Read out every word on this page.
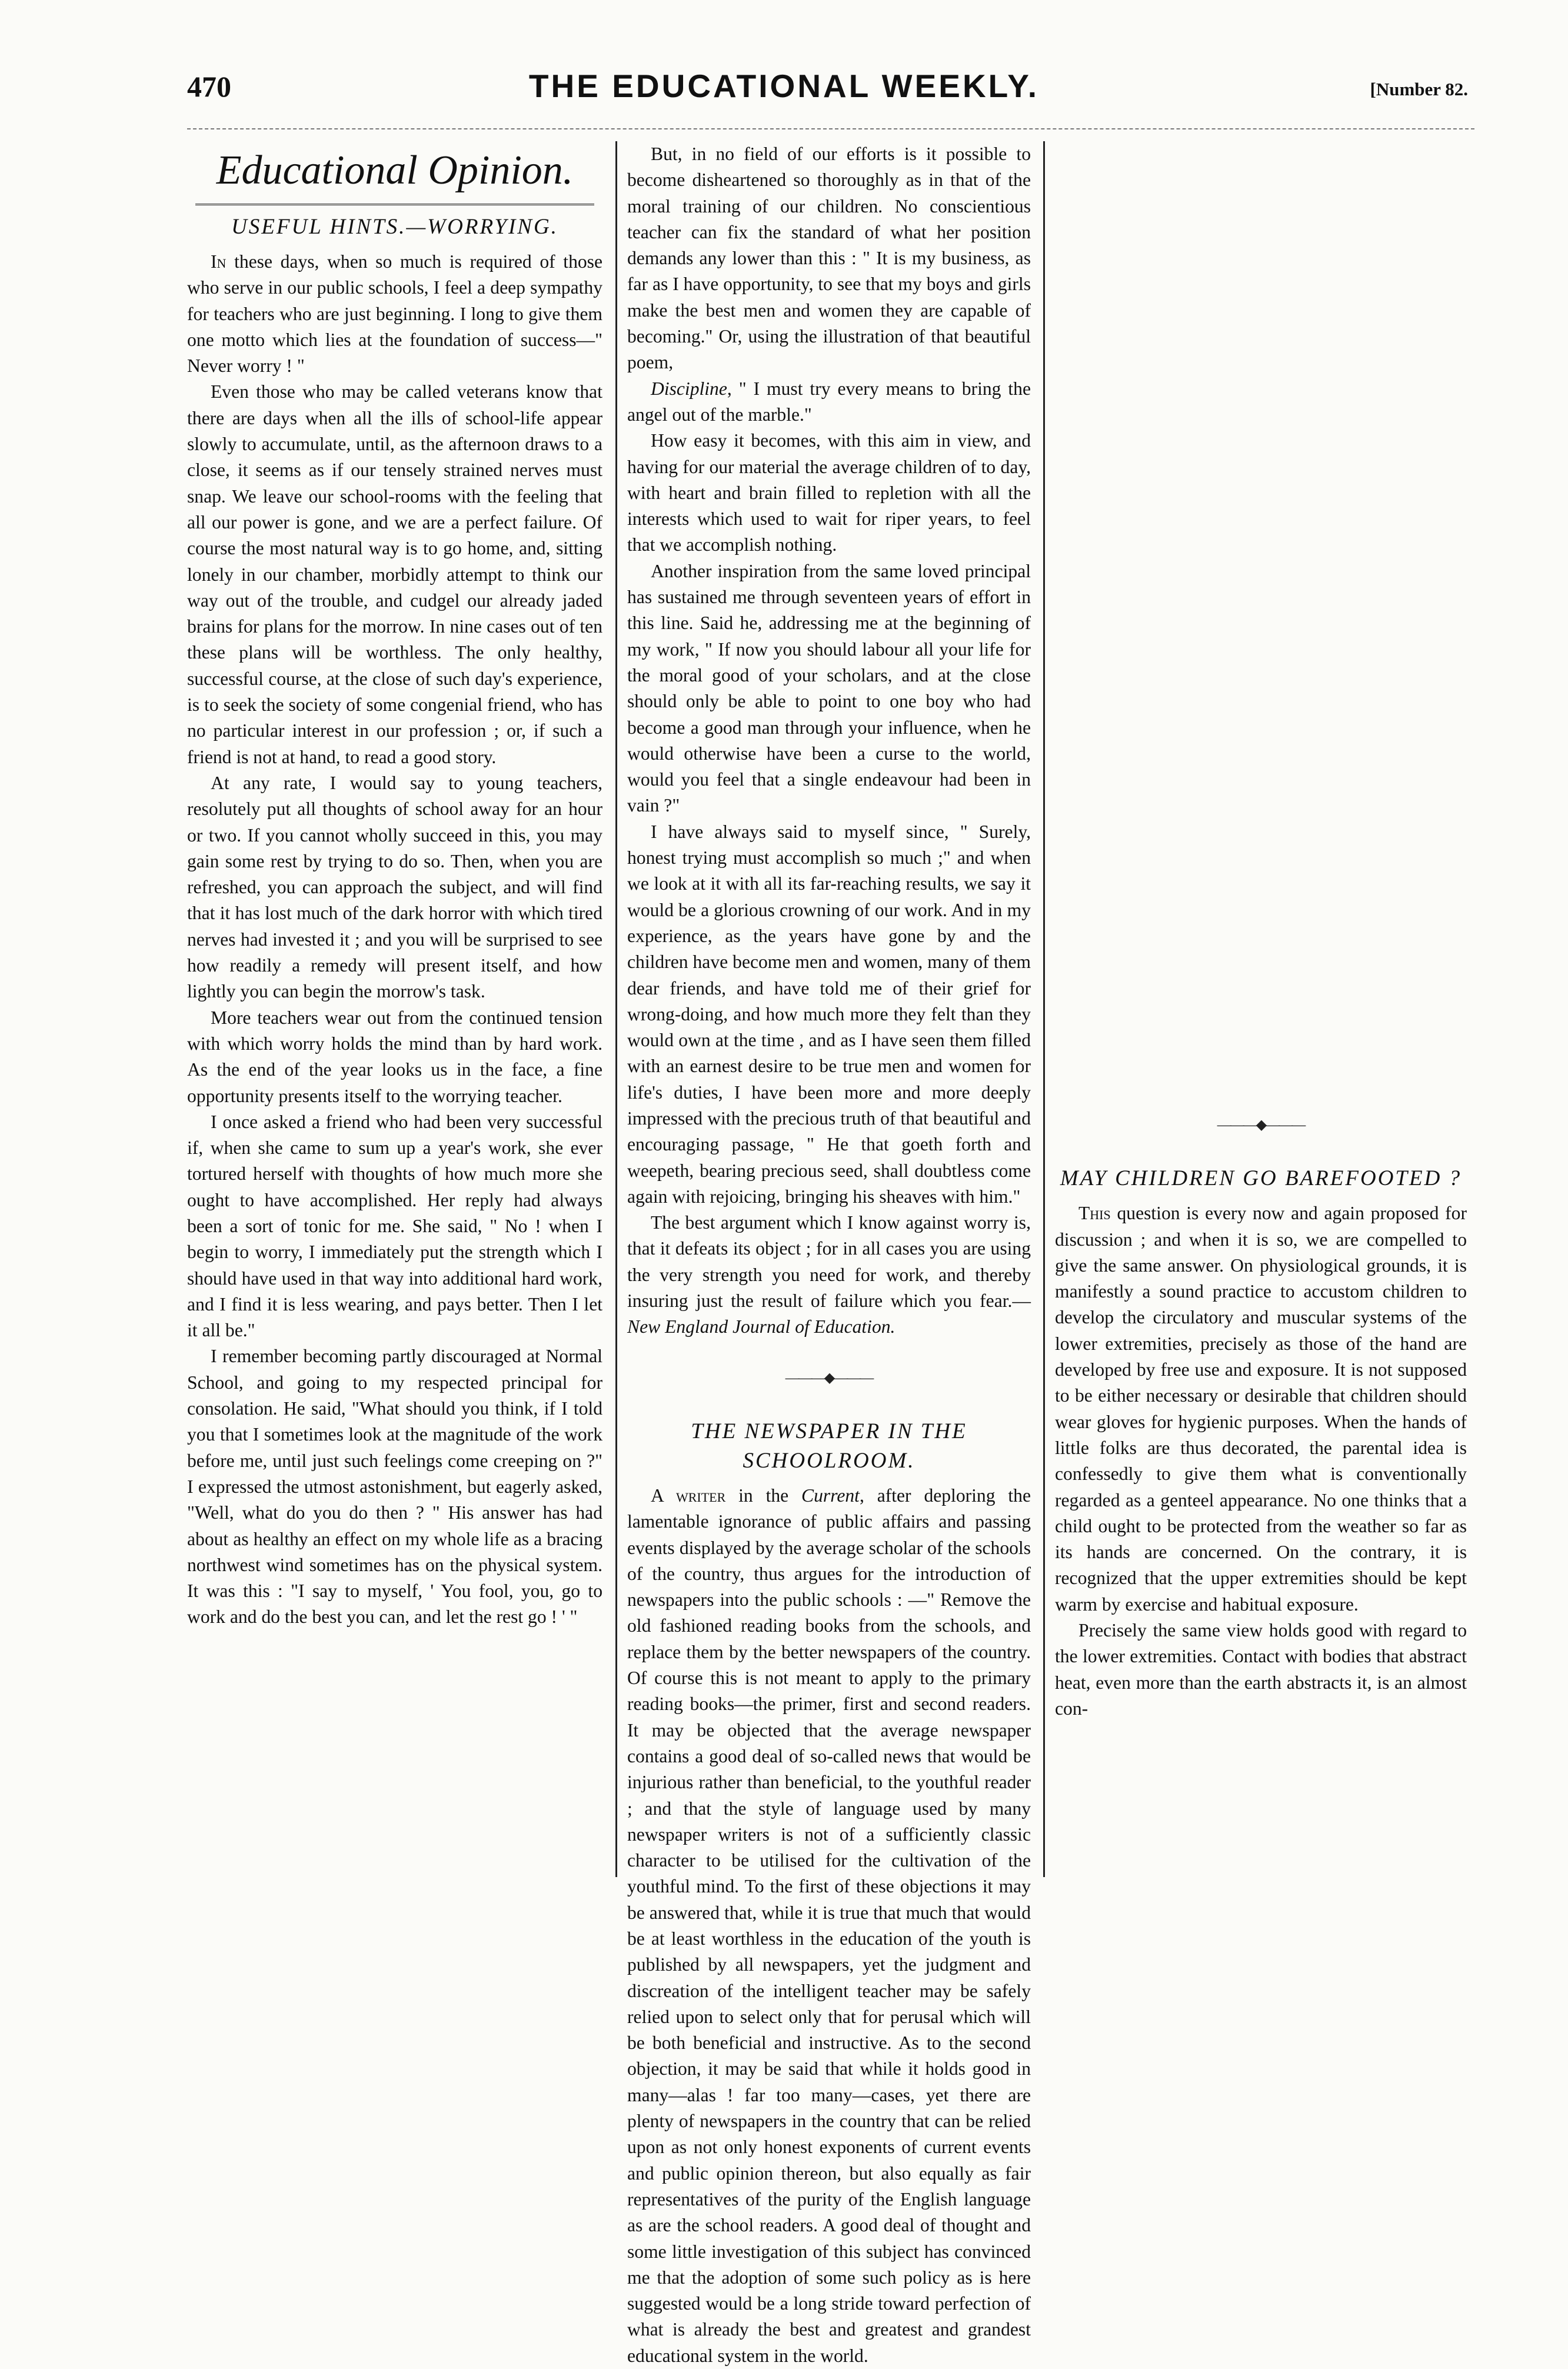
470	THE EDUCATIONAL WEEKLY.	[Number 82.
Educational Opinion.
USEFUL HINTS.—WORRYING.

In these days, when so much is required of those who serve in our public schools, I feel a deep sympathy for teachers who are just beginning. I long to give them one motto which lies at the foundation of success—" Never worry ! "

Even those who may be called veterans know that there are days when all the ills of school-life appear slowly to accumulate, until, as the afternoon draws to a close, it seems as if our tensely strained nerves must snap. We leave our school-rooms with the feeling that all our power is gone, and we are a perfect failure. Of course the most natural way is to go home, and, sitting lonely in our chamber, morbidly attempt to think our way out of the trouble, and cudgel our already jaded brains for plans for the morrow. In nine cases out of ten these plans will be worthless. The only healthy, successful course, at the close of such day's experience, is to seek the society of some congenial friend, who has no particular interest in our profession ; or, if such a friend is not at hand, to read a good story.

At any rate, I would say to young teachers, resolutely put all thoughts of school away for an hour or two. If you cannot wholly succeed in this, you may gain some rest by trying to do so. Then, when you are refreshed, you can approach the subject, and will find that it has lost much of the dark horror with which tired nerves had invested it ; and you will be surprised to see how readily a remedy will present itself, and how lightly you can begin the morrow's task.

More teachers wear out from the continued tension with which worry holds the mind than by hard work. As the end of the year looks us in the face, a fine opportunity presents itself to the worrying teacher.

I once asked a friend who had been very successful if, when she came to sum up a year's work, she ever tortured herself with thoughts of how much more she ought to have accomplished. Her reply had always been a sort of tonic for me. She said, " No ! when I begin to worry, I immediately put the strength which I should have used in that way into additional hard work, and I find it is less wearing, and pays better. Then I let it all be."

I remember becoming partly discouraged at Normal School, and going to my respected principal for consolation. He said, "What should you think, if I told you that I sometimes look at the magnitude of the work before me, until just such feelings come creeping on ?" I expressed the utmost astonishment, but eagerly asked, "Well, what do you do then ? " His answer has had about as healthy an effect on my whole life as a bracing northwest wind sometimes has on the physical system. It was this : "I say to myself, ' You fool, you, go to work and do the best you can, and let the rest go ! ' "

But, in no field of our efforts is it possible to become disheartened so thoroughly as in that of the moral training of our children. No conscientious teacher can fix the standard of what her position demands any lower than this : " It is my business, as far as I have opportunity, to see that my boys and girls make the best men and women they are capable of becoming." Or, using the illustration of that beautiful poem,

Discipline, " I must try every means to bring the angel out of the marble."

How easy it becomes, with this aim in view, and having for our material the average children of to day, with heart and brain filled to repletion with all the interests which used to wait for riper years, to feel that we accomplish nothing.

Another inspiration from the same loved principal has sustained me through seventeen years of effort in this line. Said he, addressing me at the beginning of my work, " If now you should labour all your life for the moral good of your scholars, and at the close should only be able to point to one boy who had become a good man through your influence, when he would otherwise have been a curse to the world, would you feel that a single endeavour had been in vain ?"

I have always said to myself since, " Surely, honest trying must accomplish so much ;" and when we look at it with all its far-reaching results, we say it would be a glorious crowning of our work. And in my experience, as the years have gone by and the children have become men and women, many of them dear friends, and have told me of their grief for wrong-doing, and how much more they felt than they would own at the time , and as I have seen them filled with an earnest desire to be true men and women for life's duties, I have been more and more deeply impressed with the precious truth of that beautiful and encouraging passage, " He that goeth forth and weepeth, bearing precious seed, shall doubtless come again with rejoicing, bringing his sheaves with him."

The best argument which I know against worry is, that it defeats its object ; for in all cases you are using the very strength you need for work, and thereby insuring just the result of failure which you fear.—New England Journal of Education.

———◆———
THE NEWSPAPER IN THE SCHOOLROOM.

A writer in the Current, after deploring the lamentable ignorance of public affairs and passing events displayed by the average scholar of the schools of the country, thus argues for the introduction of newspapers into the public schools : —" Remove the old fashioned reading books from the schools, and replace them by the better newspapers of the country. Of course this is not meant to apply to the primary reading books—the primer, first and second readers. It may be objected that the average newspaper contains a good deal of so-called news that would be injurious rather than beneficial, to the youthful reader ; and that the style of language used by many newspaper writers is not of a sufficiently classic character to be utilised for the cultivation of the youthful mind. To the first of these objections it may be answered that, while it is true that much that would be at least worthless in the education of the youth is published by all newspapers, yet the judgment and discreation of the intelligent teacher may be safely relied upon to select only that for perusal which will be both beneficial and instructive. As to the second objection, it may be said that while it holds good in many—alas ! far too many—cases, yet there are plenty of newspapers in the country that can be relied upon as not only honest exponents of current events and public opinion thereon, but also equally as fair representatives of the purity of the English language as are the school readers. A good deal of thought and some little investigation of this subject has convinced me that the adoption of some such policy as is here suggested would be a long stride toward perfection of what is already the best and greatest and grandest educational system in the world.

———◆———
MAY CHILDREN GO BAREFOOTED ?

This question is every now and again proposed for discussion ; and when it is so, we are compelled to give the same answer. On physiological grounds, it is manifestly a sound practice to accustom children to develop the circulatory and muscular systems of the lower extremities, precisely as those of the hand are developed by free use and exposure. It is not supposed to be either necessary or desirable that children should wear gloves for hygienic purposes. When the hands of little folks are thus decorated, the parental idea is confessedly to give them what is conventionally regarded as a genteel appearance. No one thinks that a child ought to be protected from the weather so far as its hands are concerned. On the contrary, it is recognized that the upper extremities should be kept warm by exercise and habitual exposure.

Precisely the same view holds good with regard to the lower extremities. Contact with bodies that abstract heat, even more than the earth abstracts it, is an almost con-
